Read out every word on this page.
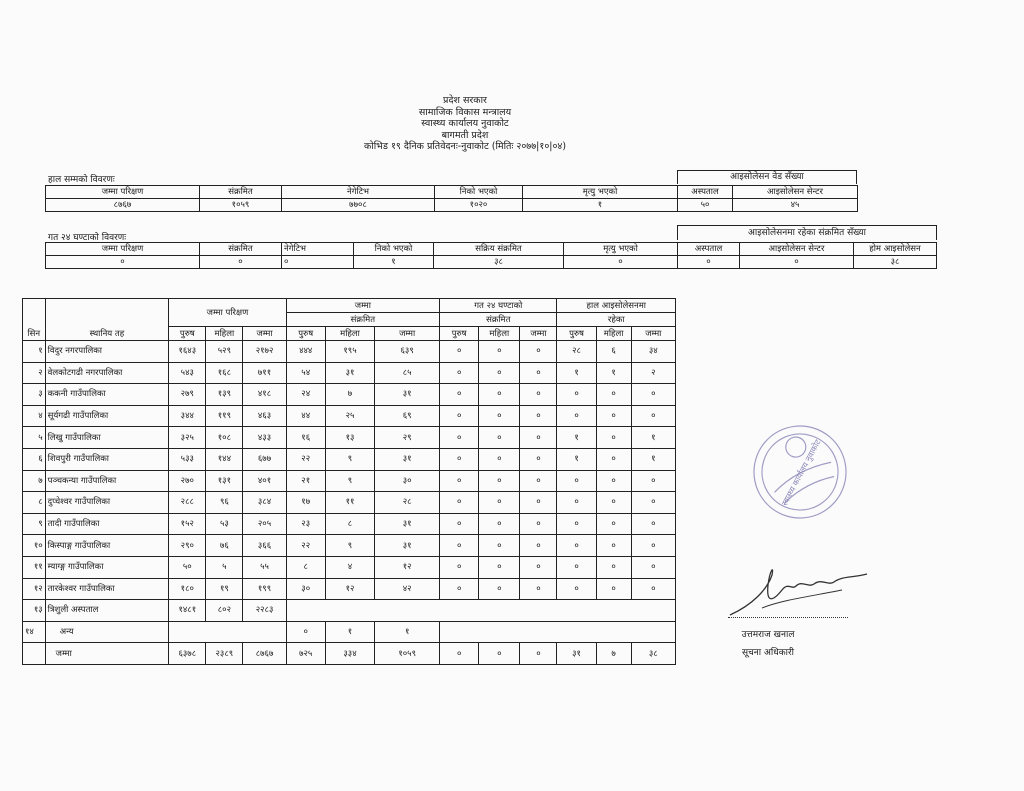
प्रदेश सरकार
सामाजिक विकास मन्त्रालय
स्वास्थ्य कार्यालय नुवाकोट
बागमती प्रदेश
कोभिड १९ दैनिक प्रतिवेदनः-नुवाकोट (मितिः २०७७|१०|०४)
हाल सम्मको विवरणः	आइसोलेसन वेड सँख्या
जम्मा परिक्षण	संक्रमित	नेगेटिभ	निको भएको	मृत्यु भएको	अस्पताल	आइसोलेसन सेन्टर
८७६७	१०५९	७७०८	१०२०	१	५०	४५
गत २४ घण्टाको विवरणः	आइसोलेसनमा रहेका संक्रमित सँख्या
जम्मा परिक्षण	संक्रमित	नेगेटिभ	निको भएको	सक्रिय संक्रमित	मृत्यु भएको	अस्पताल	आइसोलेसन सेन्टर	होम आइसोलेसन
०	०	०	१	३८	०	०	०	३८
सिन	स्थानिय तह	जम्मा परिक्षण			जम्मा			गत २४ घण्टाको			हाल आइसोलेसनमा		
					संक्रमित			संक्रमित			रहेका		
		पुरुष	महिला	जम्मा	पुरुष	महिला	जम्मा	पुरुष	महिला	जम्मा	पुरुष	महिला	जम्मा
१	विदुर नगरपालिका	१६४३	५२९	२१७२	४४४	१९५	६३९	०	०	०	२८	६	३४
२	वेलकोटगढी नगरपालिका	५४३	१६८	७११	५४	३१	८५	०	०	०	१	१	२
३	ककनी गाउँपालिका	२७९	१३९	४१८	२४	७	३१	०	०	०	०	०	०
४	सूर्यगढी गाउँपालिका	३४४	११९	४६३	४४	२५	६९	०	०	०	०	०	०
५	लिखु गाउँपालिका	३२५	१०८	४३३	१६	१३	२९	०	०	०	१	०	१
६	शिवपुरी गाउँपालिका	५३३	१४४	६७७	२२	९	३१	०	०	०	१	०	१
७	पञ्चकन्या गाउँपालिका	२७०	१३१	४०१	२१	९	३०	०	०	०	०	०	०
८	दुप्चेश्वर गाउँपालिका	२८८	९६	३८४	१७	११	२८	०	०	०	०	०	०
९	तादी गाउँपालिका	१५२	५३	२०५	२३	८	३१	०	०	०	०	०	०
१०	किस्पाङ्ग गाउँपालिका	२९०	७६	३६६	२२	९	३१	०	०	०	०	०	०
११	म्याग्ङ्ग गाउँपालिका	५०	५	५५	८	४	१२	०	०	०	०	०	०
१२	तारकेश्वर गाउँपालिका	१८०	१९	१९९	३०	१२	४२	०	०	०	०	०	०
१३	त्रिशुली अस्पताल	१४८१	८०२	२२८३									
१४	अन्य				०	१	१						
	जम्मा	६३७८	२३८९	८७६७	७२५	३३४	१०५९	०	०	०	३१	७	३८
स्वास्थ्य कार्यालय नुवाकोट
उत्तमराज खनाल
सूचना अधिकारी
